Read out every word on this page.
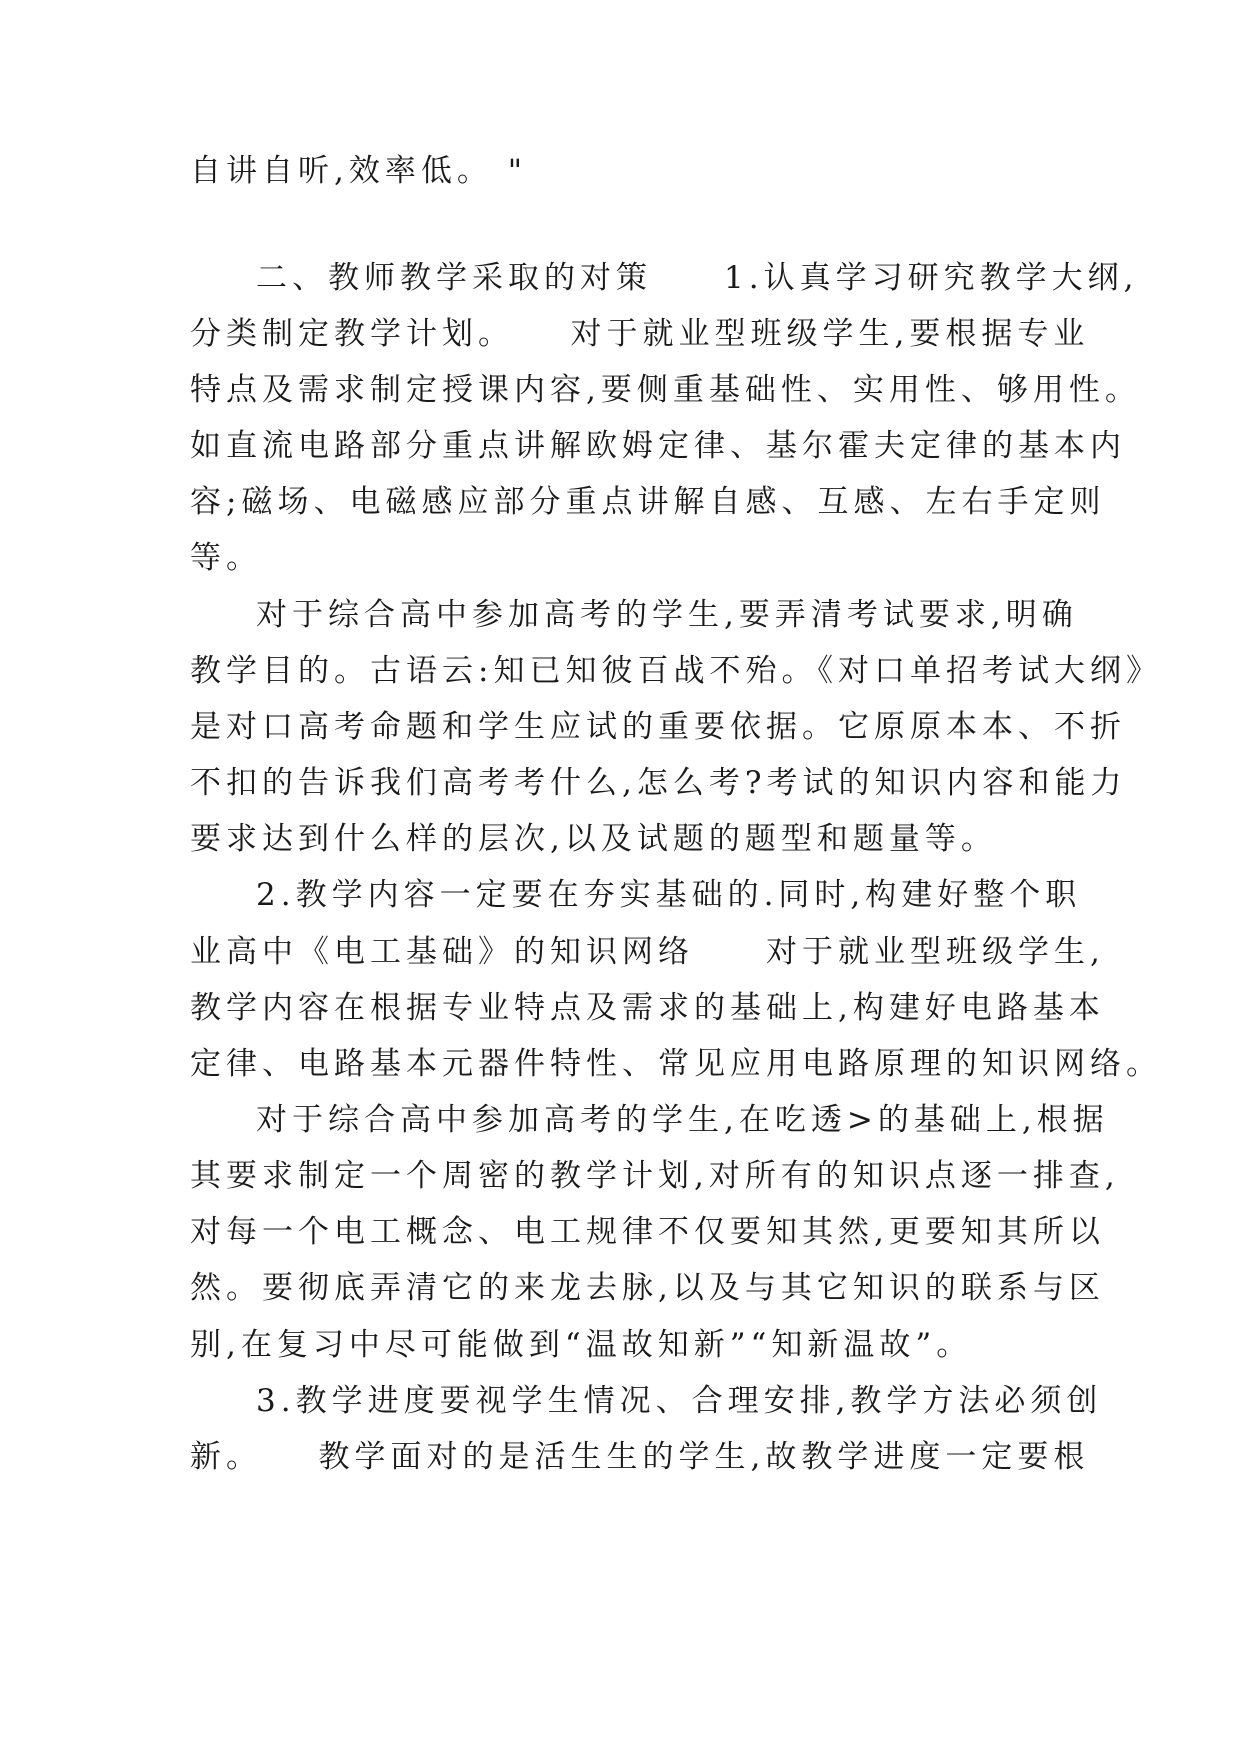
自讲自听,效率低。 "
二、教师教学采取的对策　　1.认真学习研究教学大纲,
分类制定教学计划。　　对于就业型班级学生,要根据专业
特点及需求制定授课内容,要侧重基础性、实用性、够用性。
如直流电路部分重点讲解欧姆定律、基尔霍夫定律的基本内
容;磁场、电磁感应部分重点讲解自感、互感、左右手定则
等。
对于综合高中参加高考的学生,要弄清考试要求,明确
教学目的。古语云:知已知彼百战不殆。《对口单招考试大纲》
是对口高考命题和学生应试的重要依据。它原原本本、不折
不扣的告诉我们高考考什么,怎么考?考试的知识内容和能力
要求达到什么样的层次,以及试题的题型和题量等。
2.教学内容一定要在夯实基础的.同时,构建好整个职
业高中《电工基础》的知识网络　　对于就业型班级学生,
教学内容在根据专业特点及需求的基础上,构建好电路基本
定律、电路基本元器件特性、常见应用电路原理的知识网络。
对于综合高中参加高考的学生,在吃透>的基础上,根据
其要求制定一个周密的教学计划,对所有的知识点逐一排查,
对每一个电工概念、电工规律不仅要知其然,更要知其所以
然。要彻底弄清它的来龙去脉,以及与其它知识的联系与区
别,在复习中尽可能做到“温故知新”“知新温故”。
3.教学进度要视学生情况、合理安排,教学方法必须创
新。　　教学面对的是活生生的学生,故教学进度一定要根
